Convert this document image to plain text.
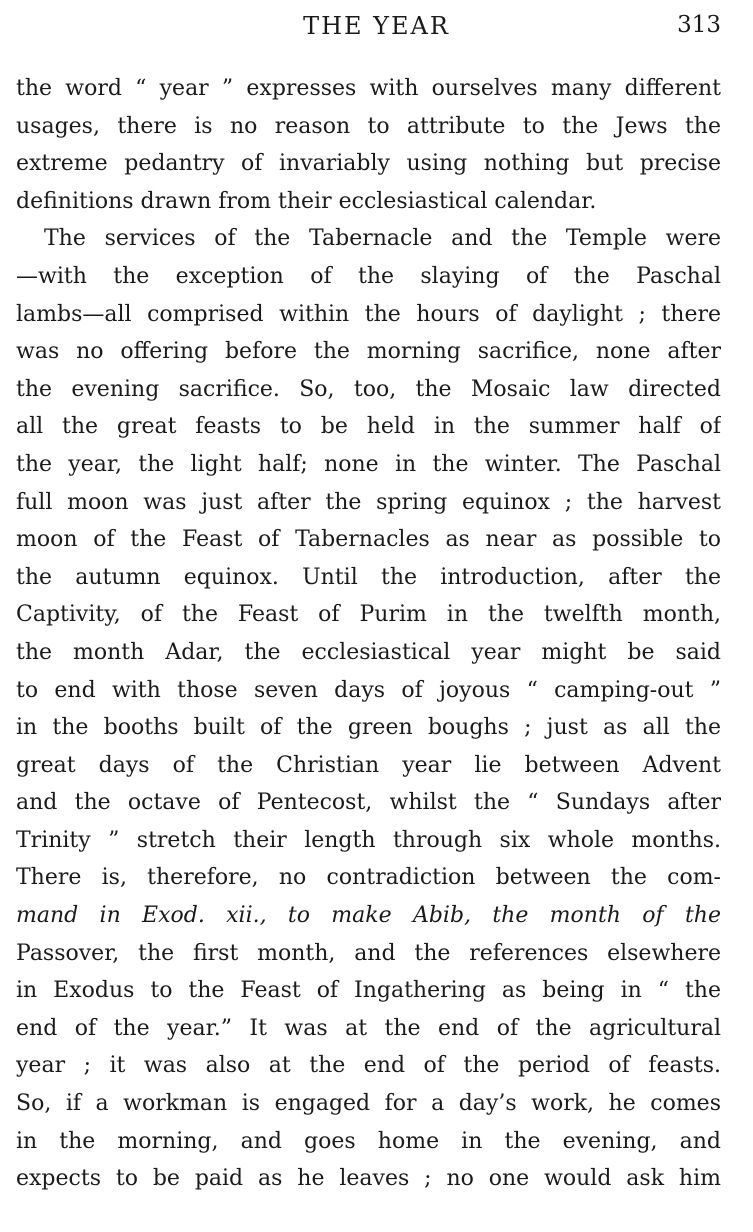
THE YEAR	313
the word “ year ” expresses with ourselves many different
usages, there is no reason to attribute to the Jews the
extreme pedantry of invariably using nothing but precise
definitions drawn from their ecclesiastical calendar.
The services of the Tabernacle and the Temple were
—with the exception of the slaying of the Paschal
lambs—all comprised within the hours of daylight ; there
was no offering before the morning sacrifice, none after
the evening sacrifice. So, too, the Mosaic law directed
all the great feasts to be held in the summer half of
the year, the light half; none in the winter. The Paschal
full moon was just after the spring equinox ; the harvest
moon of the Feast of Tabernacles as near as possible to
the autumn equinox. Until the introduction, after the
Captivity, of the Feast of Purim in the twelfth month,
the month Adar, the ecclesiastical year might be said
to end with those seven days of joyous “ camping-out ”
in the booths built of the green boughs ; just as all the
great days of the Christian year lie between Advent
and the octave of Pentecost, whilst the “ Sundays after
Trinity ” stretch their length through six whole months.
There is, therefore, no contradiction between the com-
mand in Exod. xii., to make Abib, the month of the
Passover, the first month, and the references elsewhere
in Exodus to the Feast of Ingathering as being in “ the
end of the year.” It was at the end of the agricultural
year ; it was also at the end of the period of feasts.
So, if a workman is engaged for a day’s work, he comes
in the morning, and goes home in the evening, and
expects to be paid as he leaves ; no one would ask him
